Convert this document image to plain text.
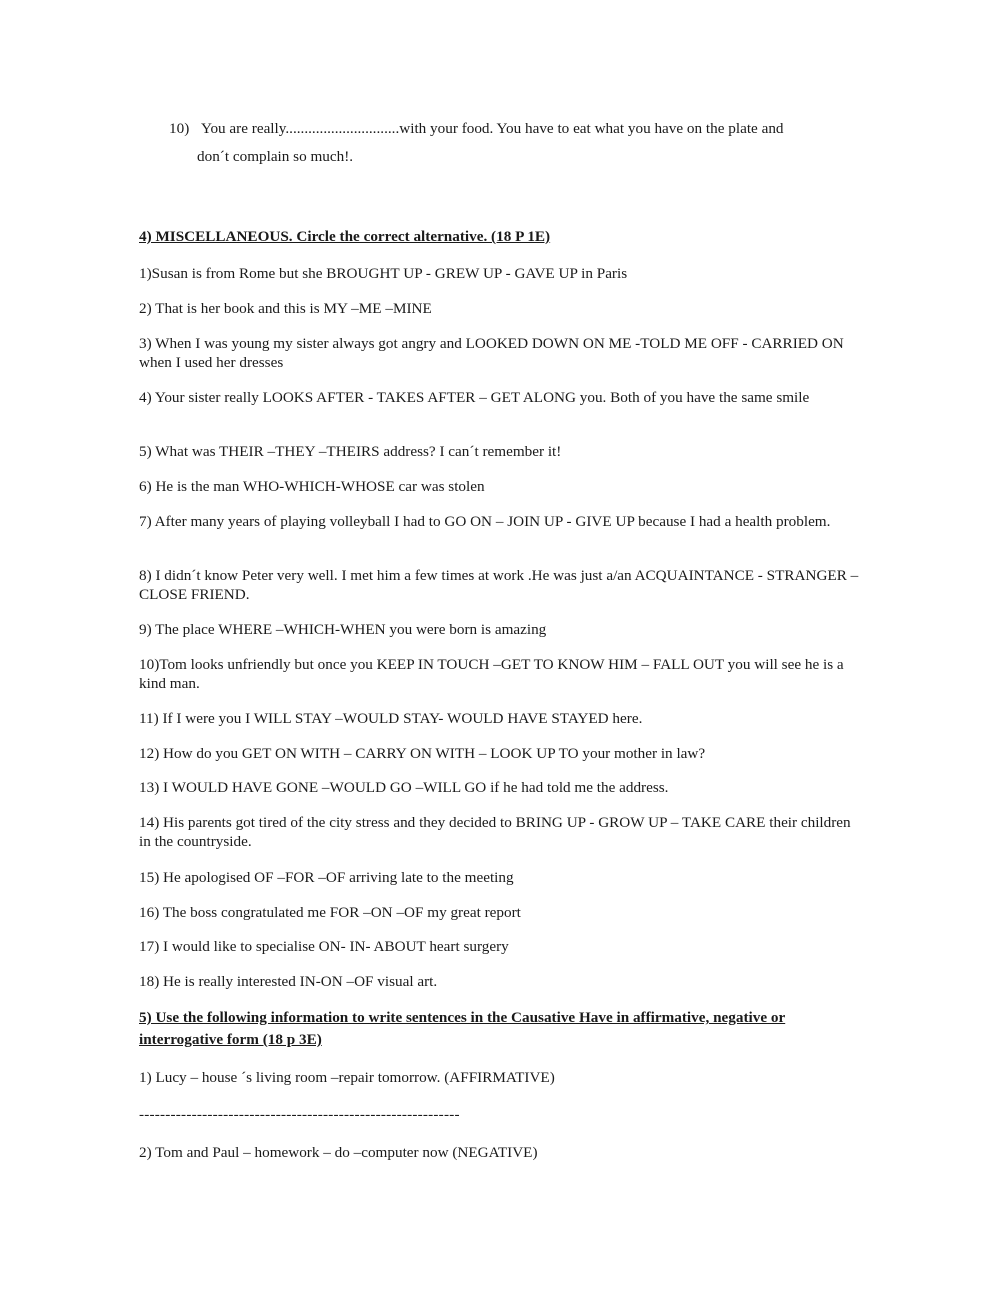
10) You are really..............................with your food. You have to eat what you have on the plate and
don´t complain so much!.
4) MISCELLANEOUS. Circle the correct alternative. (18 P 1E)
1)Susan is from Rome but she BROUGHT UP - GREW UP - GAVE UP in Paris
2) That is her book and this is MY –ME –MINE
3) When I was young my sister always got angry and LOOKED DOWN ON ME -TOLD ME OFF - CARRIED ON when I used her dresses
4) Your sister really LOOKS AFTER - TAKES AFTER – GET ALONG you. Both of you have the same smile
5) What was THEIR –THEY –THEIRS address? I can´t remember it!
6) He is the man WHO-WHICH-WHOSE car was stolen
7) After many years of playing volleyball I had to GO ON – JOIN UP - GIVE UP because I had a health problem.
8) I didn´t know Peter very well. I met him a few times at work .He was just a/an ACQUAINTANCE - STRANGER – CLOSE FRIEND.
9) The place WHERE –WHICH-WHEN you were born is amazing
10)Tom looks unfriendly but once you KEEP IN TOUCH –GET TO KNOW HIM – FALL OUT you will see he is a kind man.
11) If I were you I WILL STAY –WOULD STAY- WOULD HAVE STAYED here.
12) How do you GET ON WITH – CARRY ON WITH – LOOK UP TO your mother in law?
13) I WOULD HAVE GONE –WOULD GO –WILL GO if he had told me the address.
14) His parents got tired of the city stress and they decided to BRING UP - GROW UP – TAKE CARE their children in the countryside.
15) He apologised OF –FOR –OF arriving late to the meeting
16) The boss congratulated me FOR –ON –OF my great report
17) I would like to specialise ON- IN- ABOUT heart surgery
18) He is really interested IN-ON –OF visual art.
5) Use the following information to write sentences in the Causative Have in affirmative, negative or interrogative form (18 p 3E)
1) Lucy – house ´s living room –repair tomorrow. (AFFIRMATIVE)
-------------------------------------------------------------
2) Tom and Paul – homework – do –computer now (NEGATIVE)
